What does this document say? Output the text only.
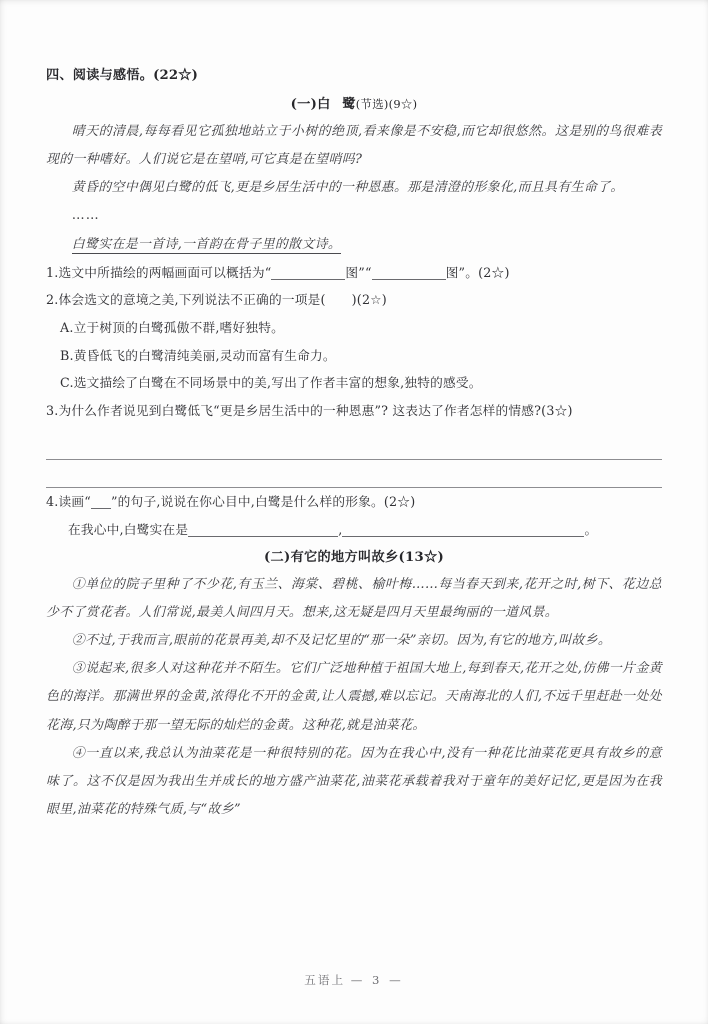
四、阅读与感悟。(22☆)

(一)白 鹭(节选)(9☆)

晴天的清晨,每每看见它孤独地站立于小树的绝顶,看来像是不安稳,而它却很悠然。这是别的鸟很难表现的一种嗜好。人们说它是在望哨,可它真是在望哨吗?

黄昏的空中偶见白鹭的低飞,更是乡居生活中的一种恩惠。那是清澄的形象化,而且具有生命了。

……

白鹭实在是一首诗,一首韵在骨子里的散文诗。

1.选文中所描绘的两幅画面可以概括为“	图”“	图”。(2☆)

2.体会选文的意境之美,下列说法不正确的一项是( )(2☆)

A.立于树顶的白鹭孤傲不群,嗜好独特。

B.黄昏低飞的白鹭清纯美丽,灵动而富有生命力。

C.选文描绘了白鹭在不同场景中的美,写出了作者丰富的想象,独特的感受。

3.为什么作者说见到白鹭低飞“更是乡居生活中的一种恩惠”? 这表达了作者怎样的情感?(3☆)

4.读画“ ”的句子,说说在你心目中,白鹭是什么样的形象。(2☆)

在我心中,白鹭实在是	,	。

(二)有它的地方叫故乡(13☆)

①单位的院子里种了不少花,有玉兰、海棠、碧桃、榆叶梅……每当春天到来,花开之时,树下、花边总少不了赏花者。人们常说,最美人间四月天。想来,这无疑是四月天里最绚丽的一道风景。

②不过,于我而言,眼前的花景再美,却不及记忆里的“那一朵”亲切。因为,有它的地方,叫故乡。

③说起来,很多人对这种花并不陌生。它们广泛地种植于祖国大地上,每到春天,花开之处,仿佛一片金黄色的海洋。那满世界的金黄,浓得化不开的金黄,让人震撼,难以忘记。天南海北的人们,不远千里赶赴一处处花海,只为陶醉于那一望无际的灿烂的金黄。这种花,就是油菜花。

④一直以来,我总认为油菜花是一种很特别的花。因为在我心中,没有一种花比油菜花更具有故乡的意味了。这不仅是因为我出生并成长的地方盛产油菜花,油菜花承载着我对于童年的美好记忆,更是因为在我眼里,油菜花的特殊气质,与“故乡”

五语上 — 3 —
